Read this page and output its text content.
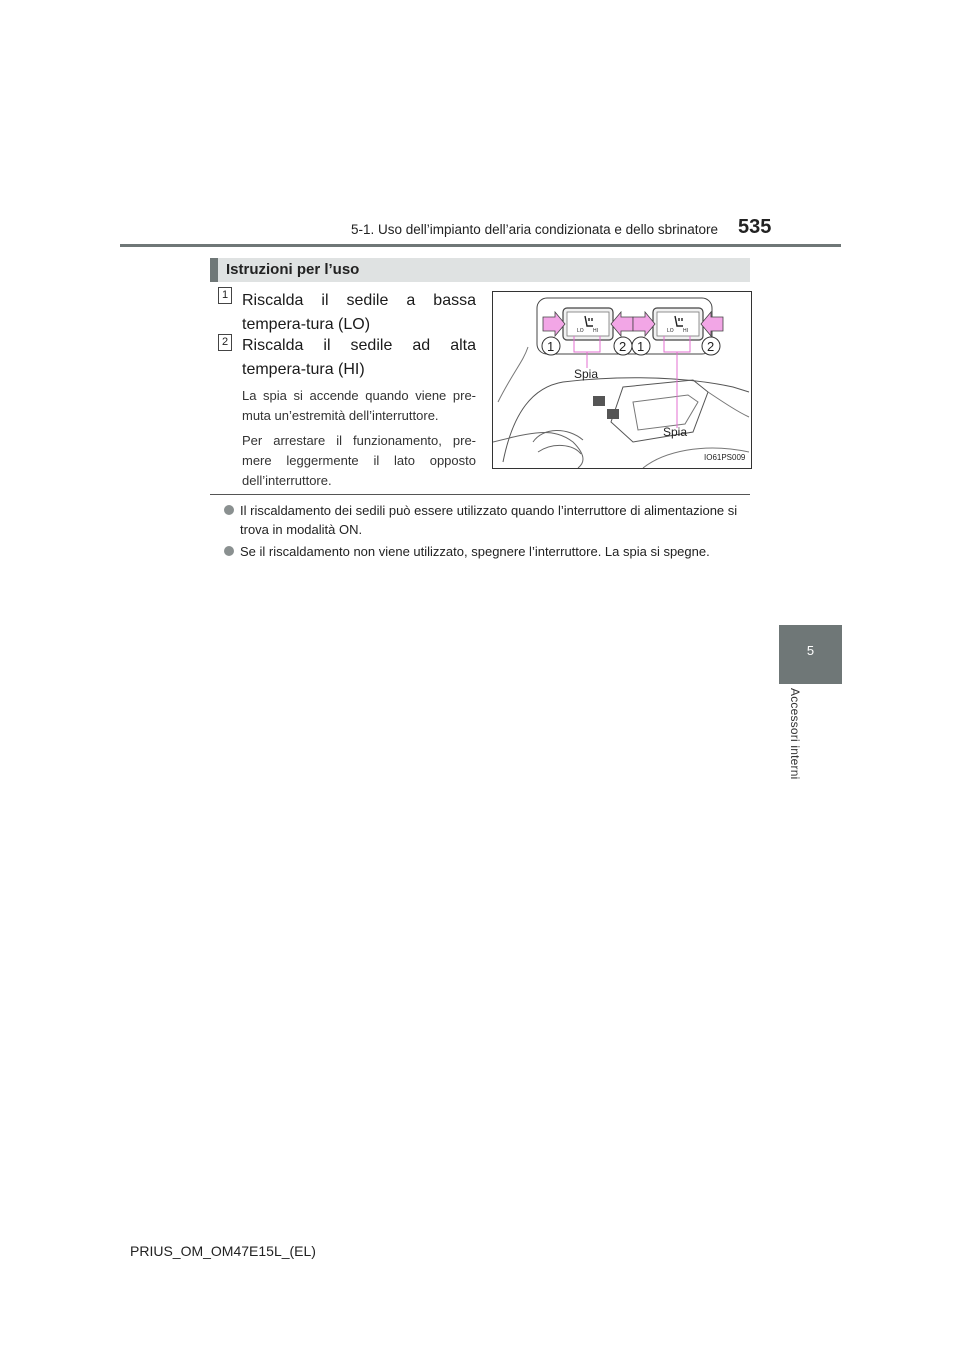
5-1. Uso dell’impianto dell’aria condizionata e dello sbrinatore 535
5
Accessori interni
Istruzioni per l’uso
1 Riscalda il sedile a bassa tempera-tura (LO)
2 Riscalda il sedile ad alta tempera-tura (HI)
La spia si accende quando viene pre-muta un’estremità dell’interruttore.
Per arrestare il funzionamento, pre-mere leggermente il lato opposto dell’interruttore.
LO HI	LO HI
1	2 1	2
Spia
Spia
IO61PS009
Il riscaldamento dei sedili può essere utilizzato quando l’interruttore di alimentazione si trova in modalità ON.
Se il riscaldamento non viene utilizzato, spegnere l’interruttore. La spia si spegne.
PRIUS_OM_OM47E15L_(EL)
